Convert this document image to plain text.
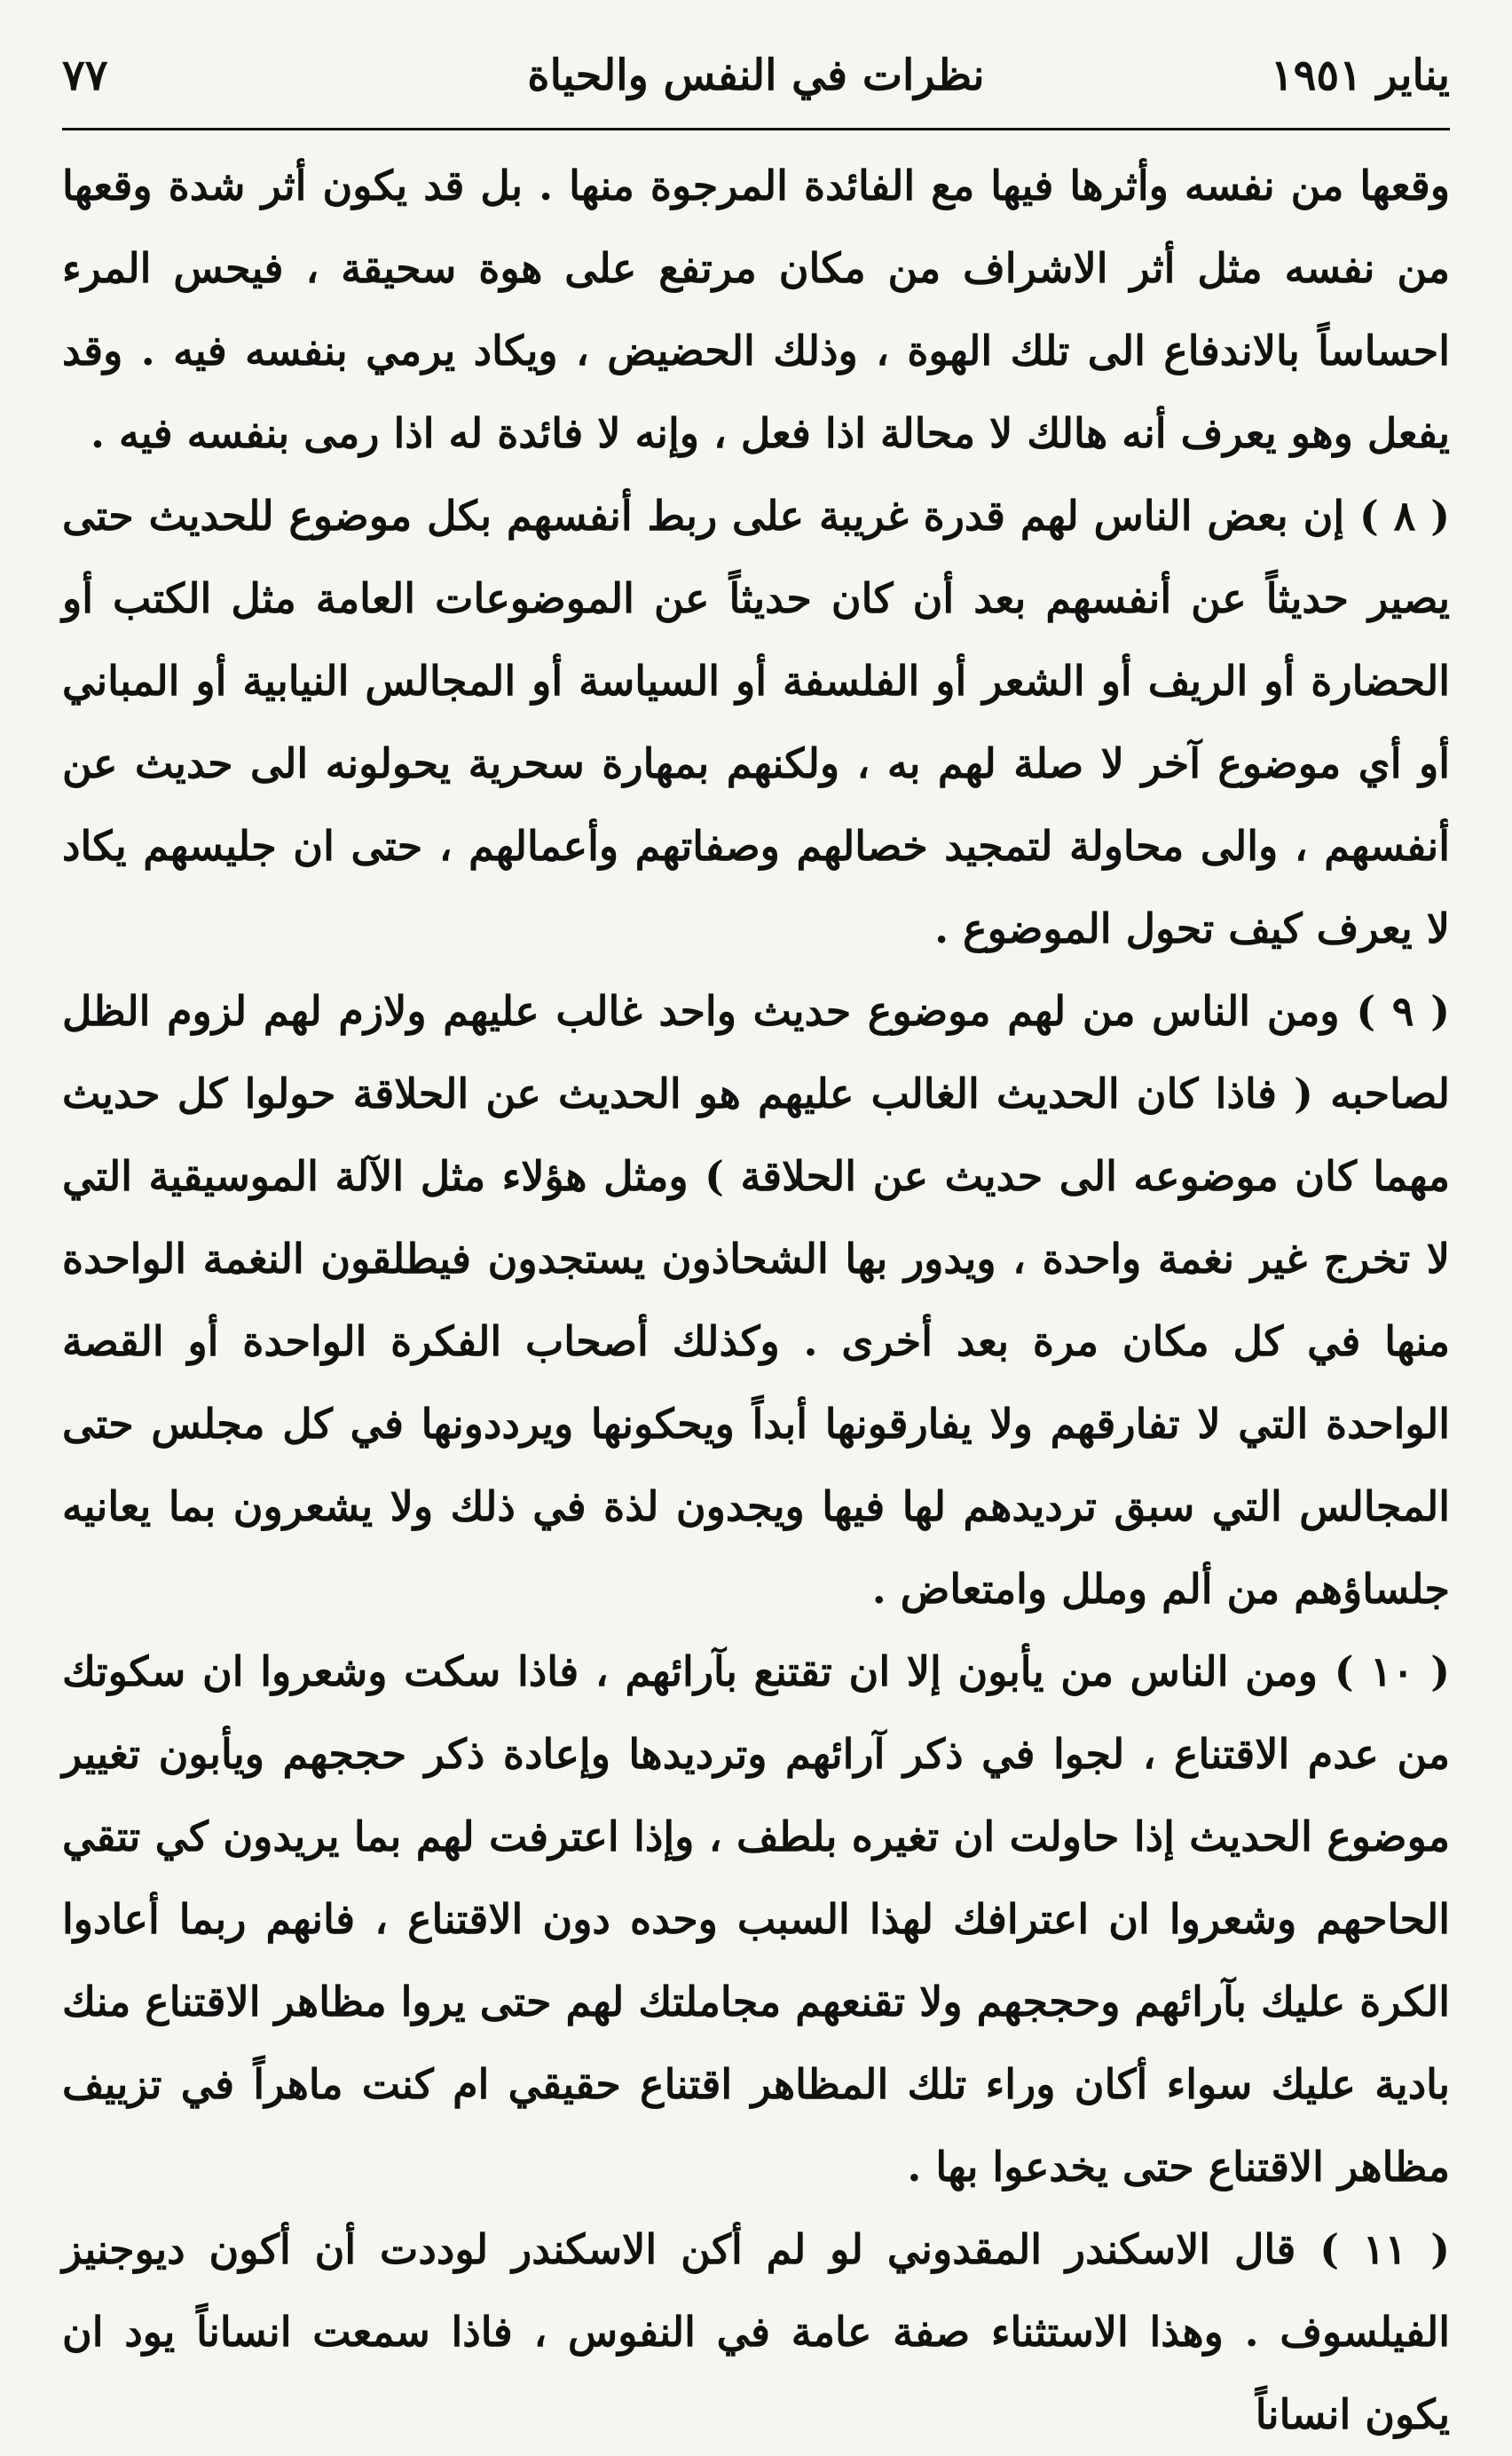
يناير ١٩٥١
نظرات في النفس والحياة
٧٧

وقعها من نفسه وأثرها فيها مع الفائدة المرجوة منها . بل قد يكون أثر شدة وقعها من نفسه مثل أثر الاشراف من مكان مرتفع على هوة سحيقة ، فيحس المرء احساساً بالاندفاع الى تلك الهوة ، وذلك الحضيض ، ويكاد يرمي بنفسه فيه . وقد يفعل وهو يعرف أنه هالك لا محالة اذا فعل ، وإنه لا فائدة له اذا رمى بنفسه فيه .

( ٨ ) إن بعض الناس لهم قدرة غريبة على ربط أنفسهم بكل موضوع للحديث حتى يصير حديثاً عن أنفسهم بعد أن كان حديثاً عن الموضوعات العامة مثل الكتب أو الحضارة أو الريف أو الشعر أو الفلسفة أو السياسة أو المجالس النيابية أو المباني أو أي موضوع آخر لا صلة لهم به ، ولكنهم بمهارة سحرية يحولونه الى حديث عن أنفسهم ، والى محاولة لتمجيد خصالهم وصفاتهم وأعمالهم ، حتى ان جليسهم يكاد لا يعرف كيف تحول الموضوع .

( ٩ ) ومن الناس من لهم موضوع حديث واحد غالب عليهم ولازم لهم لزوم الظل لصاحبه ( فاذا كان الحديث الغالب عليهم هو الحديث عن الحلاقة حولوا كل حديث مهما كان موضوعه الى حديث عن الحلاقة ) ومثل هؤلاء مثل الآلة الموسيقية التي لا تخرج غير نغمة واحدة ، ويدور بها الشحاذون يستجدون فيطلقون النغمة الواحدة منها في كل مكان مرة بعد أخرى . وكذلك أصحاب الفكرة الواحدة أو القصة الواحدة التي لا تفارقهم ولا يفارقونها أبداً ويحكونها ويرددونها في كل مجلس حتى المجالس التي سبق ترديدهم لها فيها ويجدون لذة في ذلك ولا يشعرون بما يعانيه جلساؤهم من ألم وملل وامتعاض .

( ١٠ ) ومن الناس من يأبون إلا ان تقتنع بآرائهم ، فاذا سكت وشعروا ان سكوتك من عدم الاقتناع ، لجوا في ذكر آرائهم وترديدها وإعادة ذكر حججهم ويأبون تغيير موضوع الحديث إذا حاولت ان تغيره بلطف ، وإذا اعترفت لهم بما يريدون كي تتقي الحاحهم وشعروا ان اعترافك لهذا السبب وحده دون الاقتناع ، فانهم ربما أعادوا الكرة عليك بآرائهم وحججهم ولا تقنعهم مجاملتك لهم حتى يروا مظاهر الاقتناع منك بادية عليك سواء أكان وراء تلك المظاهر اقتناع حقيقي ام كنت ماهراً في تزييف مظاهر الاقتناع حتى يخدعوا بها .

( ١١ ) قال الاسكندر المقدوني لو لم أكن الاسكندر لوددت أن أكون ديوجنيز الفيلسوف . وهذا الاستثناء صفة عامة في النفوس ، فاذا سمعت انساناً يود ان يكون انساناً
